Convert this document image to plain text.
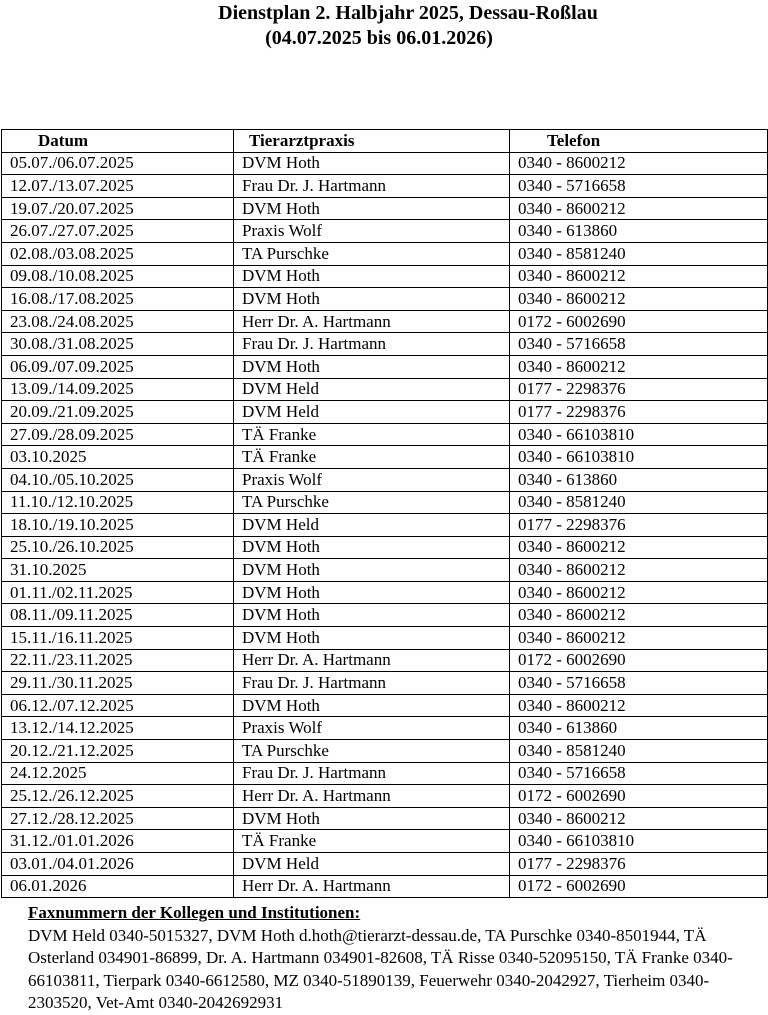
Dienstplan 2. Halbjahr 2025, Dessau-Roßlau
(04.07.2025 bis 06.01.2026)
Datum	Tierarztpraxis	Telefon
05.07./06.07.2025	DVM Hoth	0340 - 8600212
12.07./13.07.2025	Frau Dr. J. Hartmann	0340 - 5716658
19.07./20.07.2025	DVM Hoth	0340 - 8600212
26.07./27.07.2025	Praxis Wolf	0340 - 613860
02.08./03.08.2025	TA Purschke	0340 - 8581240
09.08./10.08.2025	DVM Hoth	0340 - 8600212
16.08./17.08.2025	DVM Hoth	0340 - 8600212
23.08./24.08.2025	Herr Dr. A. Hartmann	0172 - 6002690
30.08./31.08.2025	Frau Dr. J. Hartmann	0340 - 5716658
06.09./07.09.2025	DVM Hoth	0340 - 8600212
13.09./14.09.2025	DVM Held	0177 - 2298376
20.09./21.09.2025	DVM Held	0177 - 2298376
27.09./28.09.2025	TÄ Franke	0340 - 66103810
03.10.2025	TÄ Franke	0340 - 66103810
04.10./05.10.2025	Praxis Wolf	0340 - 613860
11.10./12.10.2025	TA Purschke	0340 - 8581240
18.10./19.10.2025	DVM Held	0177 - 2298376
25.10./26.10.2025	DVM Hoth	0340 - 8600212
31.10.2025	DVM Hoth	0340 - 8600212
01.11./02.11.2025	DVM Hoth	0340 - 8600212
08.11./09.11.2025	DVM Hoth	0340 - 8600212
15.11./16.11.2025	DVM Hoth	0340 - 8600212
22.11./23.11.2025	Herr Dr. A. Hartmann	0172 - 6002690
29.11./30.11.2025	Frau Dr. J. Hartmann	0340 - 5716658
06.12./07.12.2025	DVM Hoth	0340 - 8600212
13.12./14.12.2025	Praxis Wolf	0340 - 613860
20.12./21.12.2025	TA Purschke	0340 - 8581240
24.12.2025	Frau Dr. J. Hartmann	0340 - 5716658
25.12./26.12.2025	Herr Dr. A. Hartmann	0172 - 6002690
27.12./28.12.2025	DVM Hoth	0340 - 8600212
31.12./01.01.2026	TÄ Franke	0340 - 66103810
03.01./04.01.2026	DVM Held	0177 - 2298376
06.01.2026	Herr Dr. A. Hartmann	0172 - 6002690
Faxnummern der Kollegen und Institutionen:
DVM Held 0340-5015327, DVM Hoth d.hoth@tierarzt-dessau.de, TA Purschke 0340-8501944, TÄ Osterland 034901-86899, Dr. A. Hartmann 034901-82608, TÄ Risse 0340-52095150, TÄ Franke 0340-66103811, Tierpark 0340-6612580, MZ 0340-51890139, Feuerwehr 0340-2042927, Tierheim 0340-2303520, Vet-Amt 0340-2042692931
